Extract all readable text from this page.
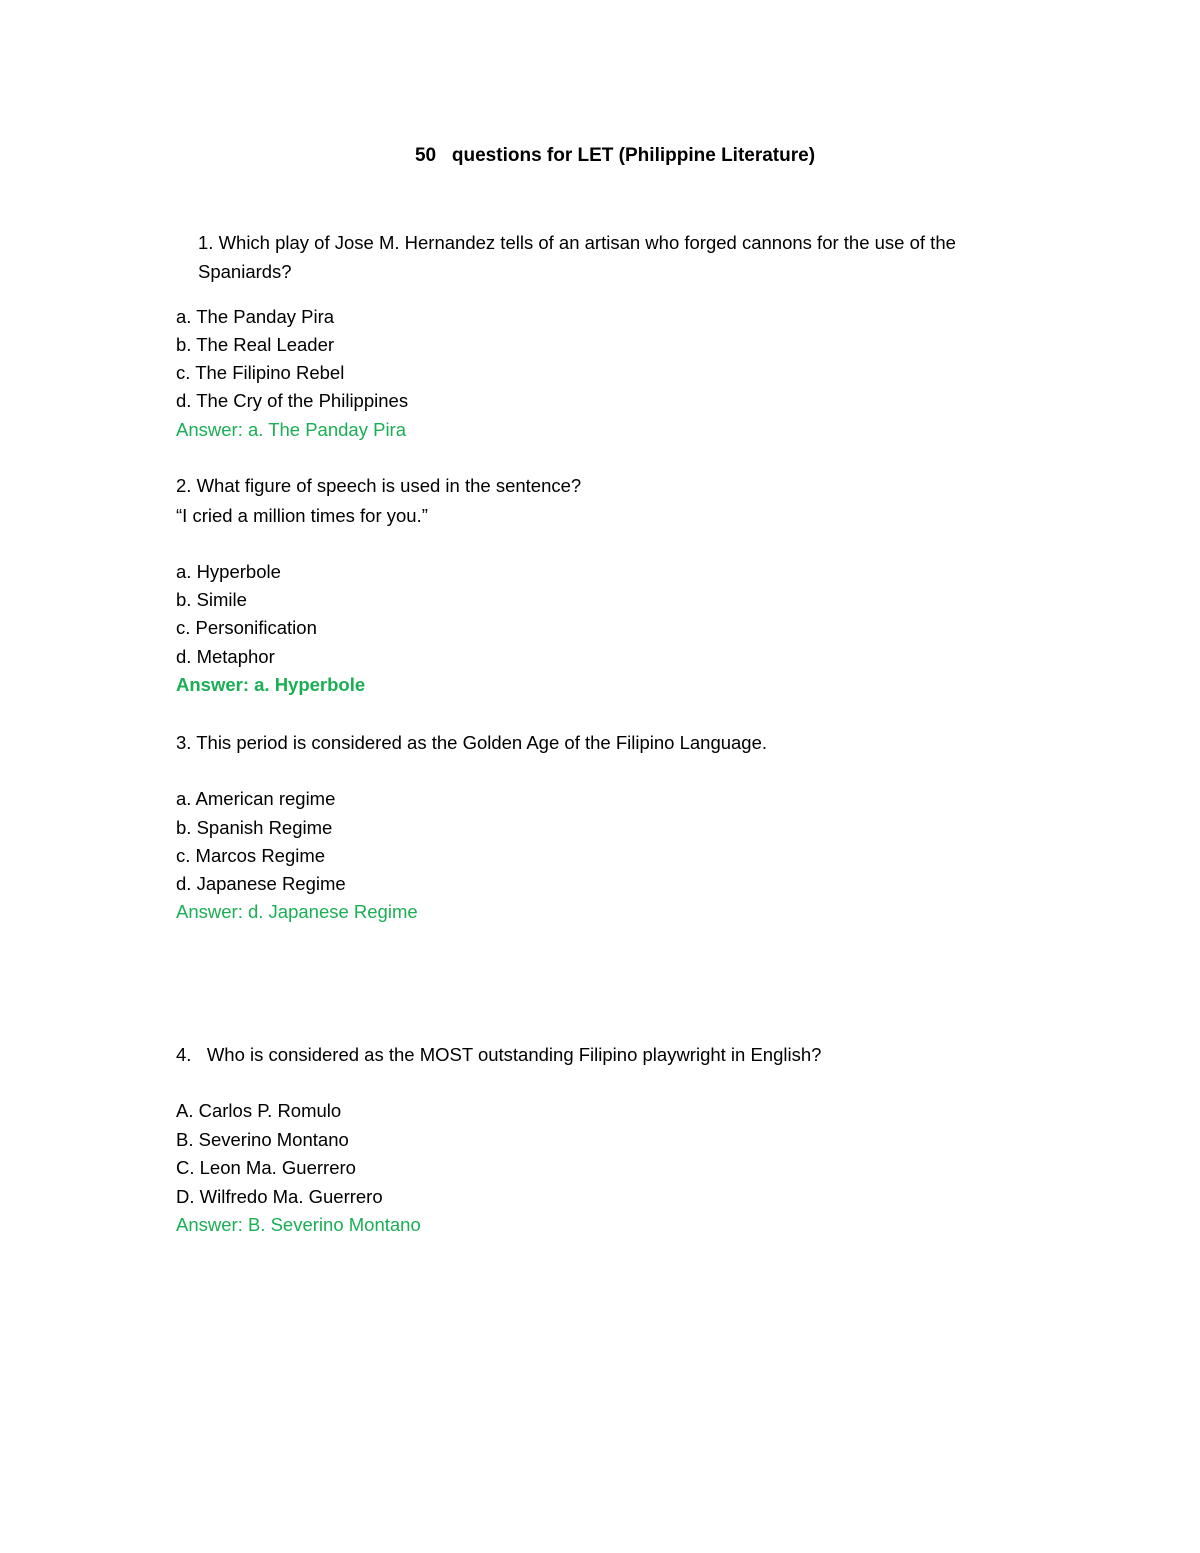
50   questions for LET (Philippine Literature)
1. Which play of Jose M. Hernandez tells of an artisan who forged cannons for the use of the
Spaniards?
a. The Panday Pira
b. The Real Leader
c. The Filipino Rebel
d. The Cry of the Philippines
Answer: a. The Panday Pira
2. What figure of speech is used in the sentence?
“I cried a million times for you.”
a. Hyperbole
b. Simile
c. Personification
d. Metaphor
Answer: a. Hyperbole
3. This period is considered as the Golden Age of the Filipino Language.
a. American regime
b. Spanish Regime
c. Marcos Regime
d. Japanese Regime
Answer: d. Japanese Regime
4.   Who is considered as the MOST outstanding Filipino playwright in English?
A. Carlos P. Romulo
B. Severino Montano
C. Leon Ma. Guerrero
D. Wilfredo Ma. Guerrero
Answer: B. Severino Montano
